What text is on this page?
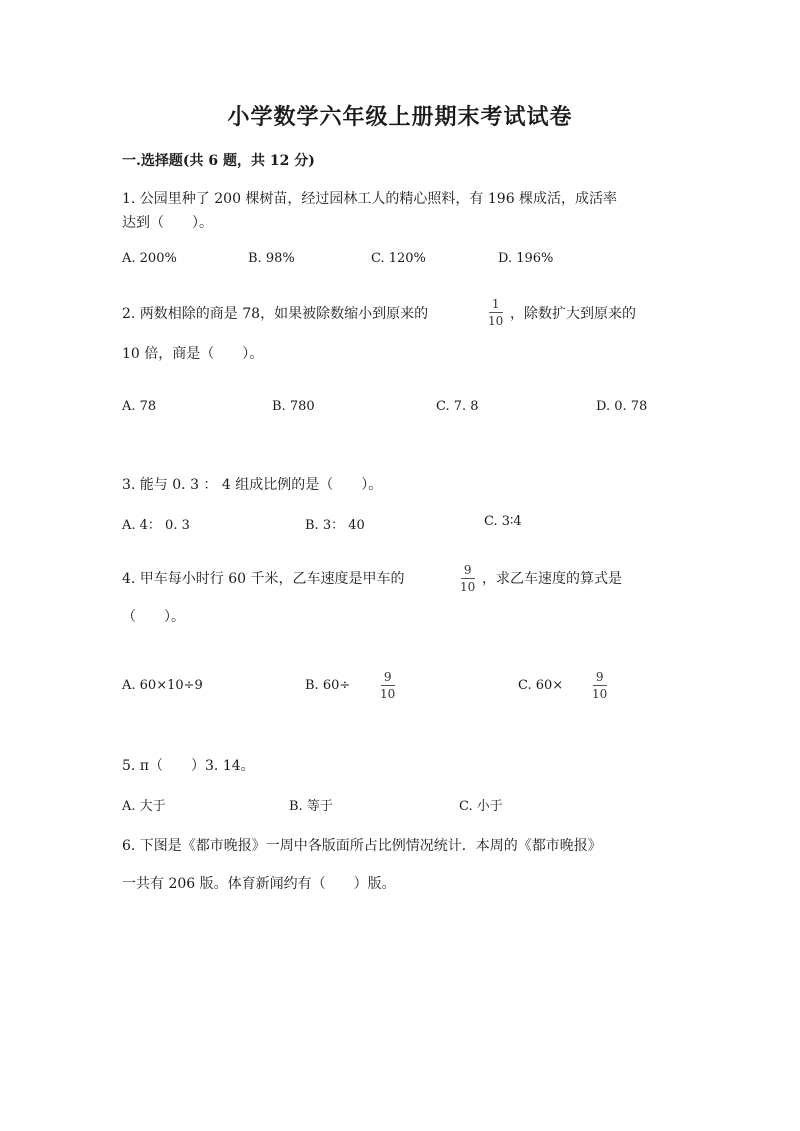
小学数学六年级上册期末考试试卷
一.选择题(共 6 题，共 12 分)
1. 公园里种了 200 棵树苗，经过园林工人的精心照料，有 196 棵成活，成活率
达到（　　）。
A. 200%	B. 98%	C. 120%	D. 196%
2. 两数相除的商是 78，如果被除数缩小到原来的
1
10 ，除数扩大到原来的
10 倍，商是（　　）。
A. 78	B. 780	C. 7. 8	D. 0. 78
3. 能与 0. 3 ： 4 组成比例的是（　　）。
A. 4： 0. 3	B. 3： 40	C. 3∶4
4. 甲车每小时行 60 千米，乙车速度是甲车的
9
10 ，求乙车速度的算式是
（　　）。
A. 60×10÷9	B. 60÷
9
10
C. 60×
9
10
5. π（　　）3. 14。
A. 大于	B. 等于	C. 小于
6. 下图是《都市晚报》一周中各版面所占比例情况统计．本周的《都市晚报》
一共有 206 版。体育新闻约有（　　）版。
